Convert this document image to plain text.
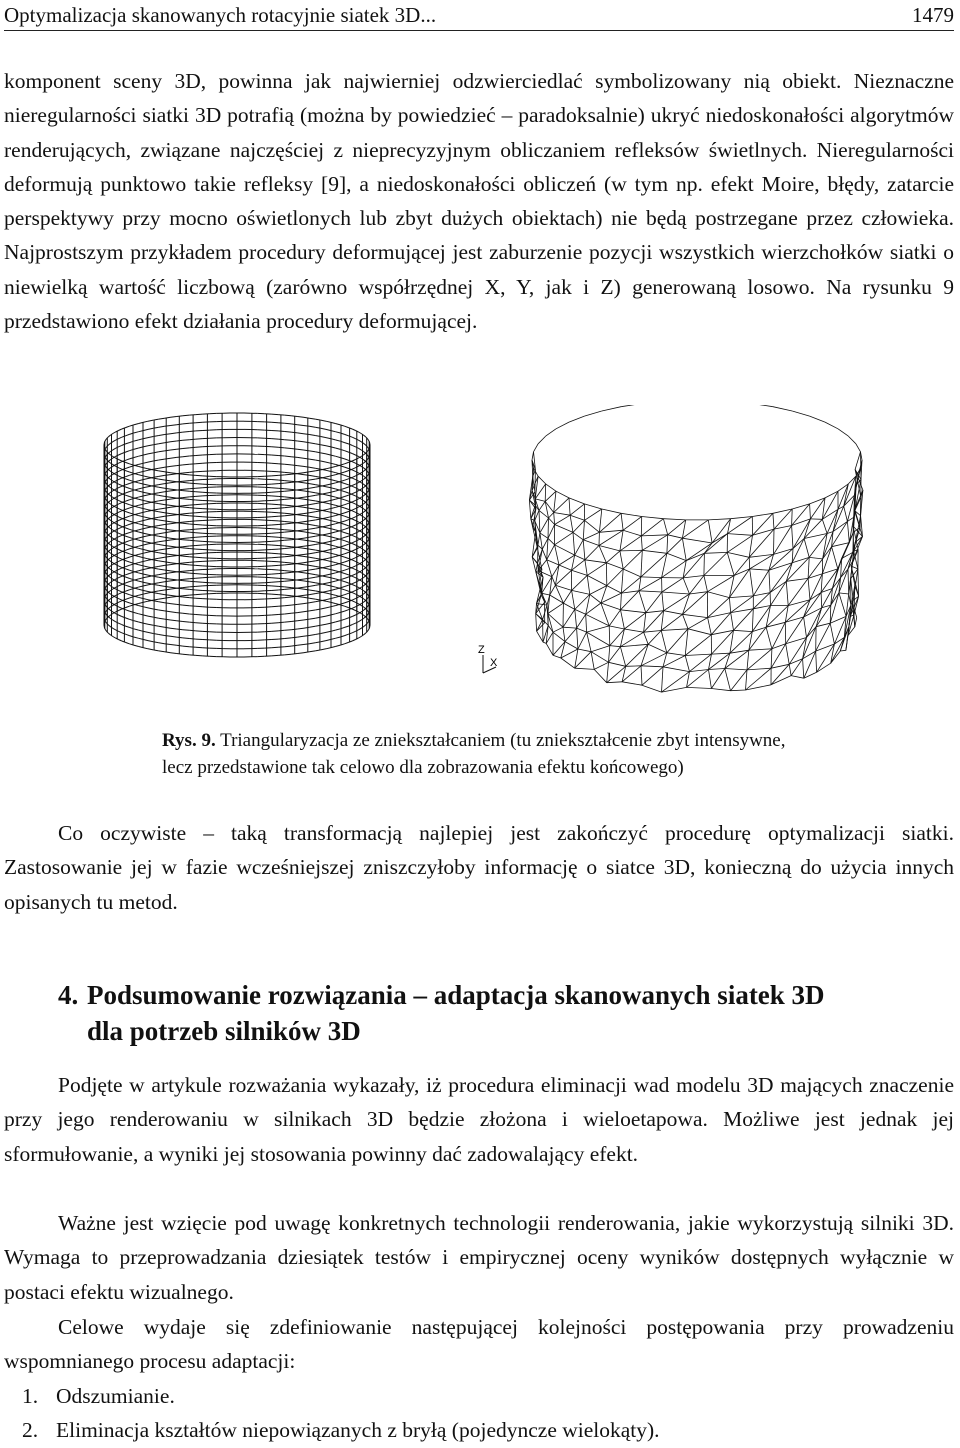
Optymalizacja skanowanych rotacyjnie siatek 3D...	1479
komponent sceny 3D, powinna jak najwierniej odzwierciedlać symbolizowany nią obiekt. Nieznaczne nieregularności siatki 3D potrafią (można by powiedzieć – paradoksalnie) ukryć niedoskonałości algorytmów renderujących, związane najczęściej z nieprecyzyjnym obliczaniem refleksów świetlnych. Nieregularności deformują punktowo takie refleksy [9], a niedoskonałości obliczeń (w tym np. efekt Moire, błędy, zatarcie perspektywy przy mocno oświetlonych lub zbyt dużych obiektach) nie będą postrzegane przez człowieka. Najprostszym przykładem procedury deformującej jest zaburzenie pozycji wszystkich wierzchołków siatki o niewielką wartość liczbową (zarówno współrzędnej X, Y, jak i Z) generowaną losowo. Na rysunku 9 przedstawiono efekt działania procedury deformującej.
Z
X
Rys. 9. Triangularyzacja ze zniekształcaniem (tu zniekształcenie zbyt intensywne,
lecz przedstawione tak celowo dla zobrazowania efektu końcowego)
Co oczywiste – taką transformacją najlepiej jest zakończyć procedurę optymalizacji siatki. Zastosowanie jej w fazie wcześniejszej zniszczyłoby informację o siatce 3D, konieczną do użycia innych opisanych tu metod.
4. Podsumowanie rozwiązania – adaptacja skanowanych siatek 3D
dla potrzeb silników 3D
Podjęte w artykule rozważania wykazały, iż procedura eliminacji wad modelu 3D mających znaczenie przy jego renderowaniu w silnikach 3D będzie złożona i wieloetapowa. Możliwe jest jednak jej sformułowanie, a wyniki jej stosowania powinny dać zadowalający efekt.
Ważne jest wzięcie pod uwagę konkretnych technologii renderowania, jakie wykorzystują silniki 3D. Wymaga to przeprowadzania dziesiątek testów i empirycznej oceny wyników dostępnych wyłącznie w postaci efektu wizualnego.
Celowe wydaje się zdefiniowanie następującej kolejności postępowania przy prowadzeniu wspomnianego procesu adaptacji:
1. Odszumianie.
2. Eliminacja kształtów niepowiązanych z bryłą (pojedyncze wielokąty).
